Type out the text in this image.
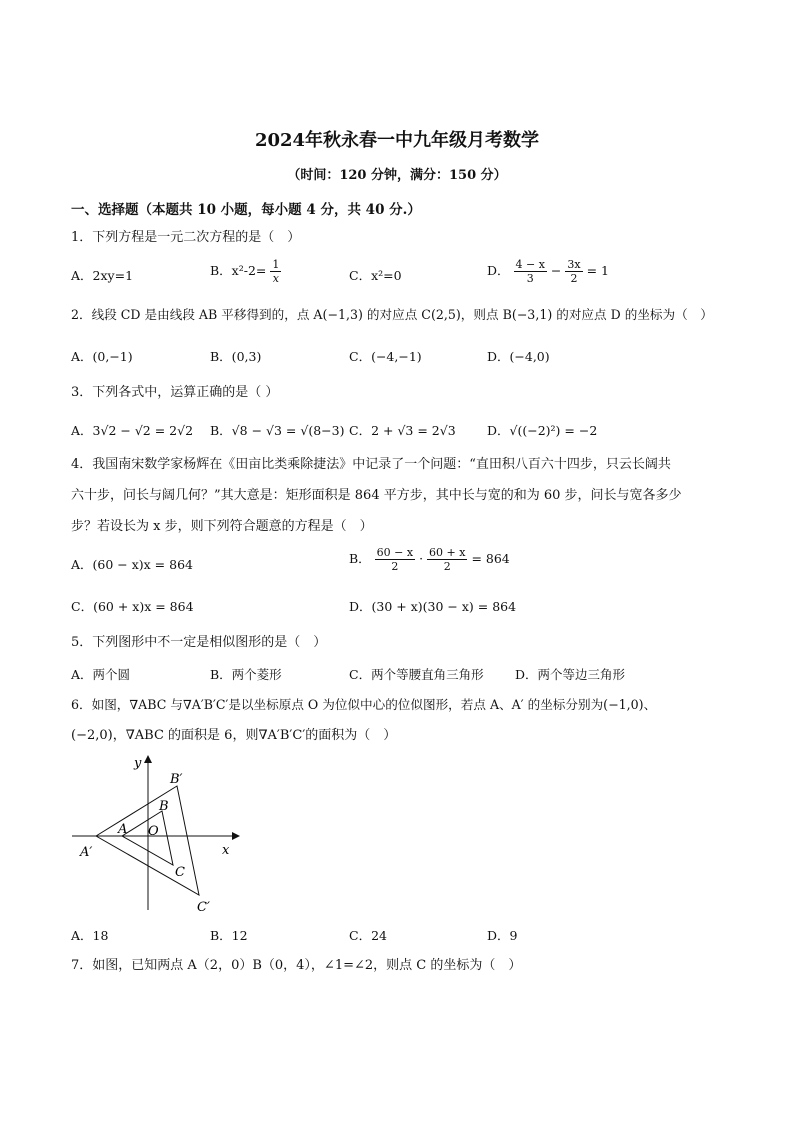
2024年秋永春一中九年级月考数学
（时间：120 分钟，满分：150 分）
一、选择题（本题共 10 小题，每小题 4 分，共 40 分.）
1．下列方程是一元二次方程的是（　）
A．2xy=1	B．$x^2-2= \frac{1}{x}$	C．x²=0	D． $\frac{4 - x}{3} - \frac{3x}{2} = 1$
2．线段 CD 是由线段 AB 平移得到的，点 A(−1,3) 的对应点 C(2,5)，则点 B(−3,1) 的对应点 D 的坐标为（　）
A．(0,−1)	B．(0,3)	C．(−4,−1)	D．(−4,0)
3．下列各式中，运算正确的是（ ）
A．3√2 − √2 = 2√2 B．√8 − √3 = √(8−3) C．2 + √3 = 2√3	D．√((−2)²) = −2
4．我国南宋数学家杨辉在《田亩比类乘除捷法》中记录了一个问题：“直田积八百六十四步，只云长阔共
六十步，问长与阔几何？”其大意是：矩形面积是 864 平方步，其中长与宽的和为 60 步，问长与宽各多少
步？若设长为 x 步，则下列符合题意的方程是（　）
A．(60 − x)x = 864	B． $\frac{60 - x}{2} \cdot \frac{60 + x}{2} = 864$
C．(60 + x)x = 864	D．(30 + x)(30 − x) = 864
5．下列图形中不一定是相似图形的是（　）
A．两个圆	B．两个菱形	C．两个等腰直角三角形	D．两个等边三角形
6．如图，∇ABC 与∇A′B′C′是以坐标原点 O 为位似中心的位似图形，若点 A、A′ 的坐标分别为(−1,0)、
(−2,0)，∇ABC 的面积是 6，则∇A′B′C′的面积为（　）
y
x
A O
B
C
A′
B′
C′
A．18	B．12	C．24	D．9
7．如图，已知两点 A（2，0）B（0，4），∠1=∠2，则点 C 的坐标为（　）
